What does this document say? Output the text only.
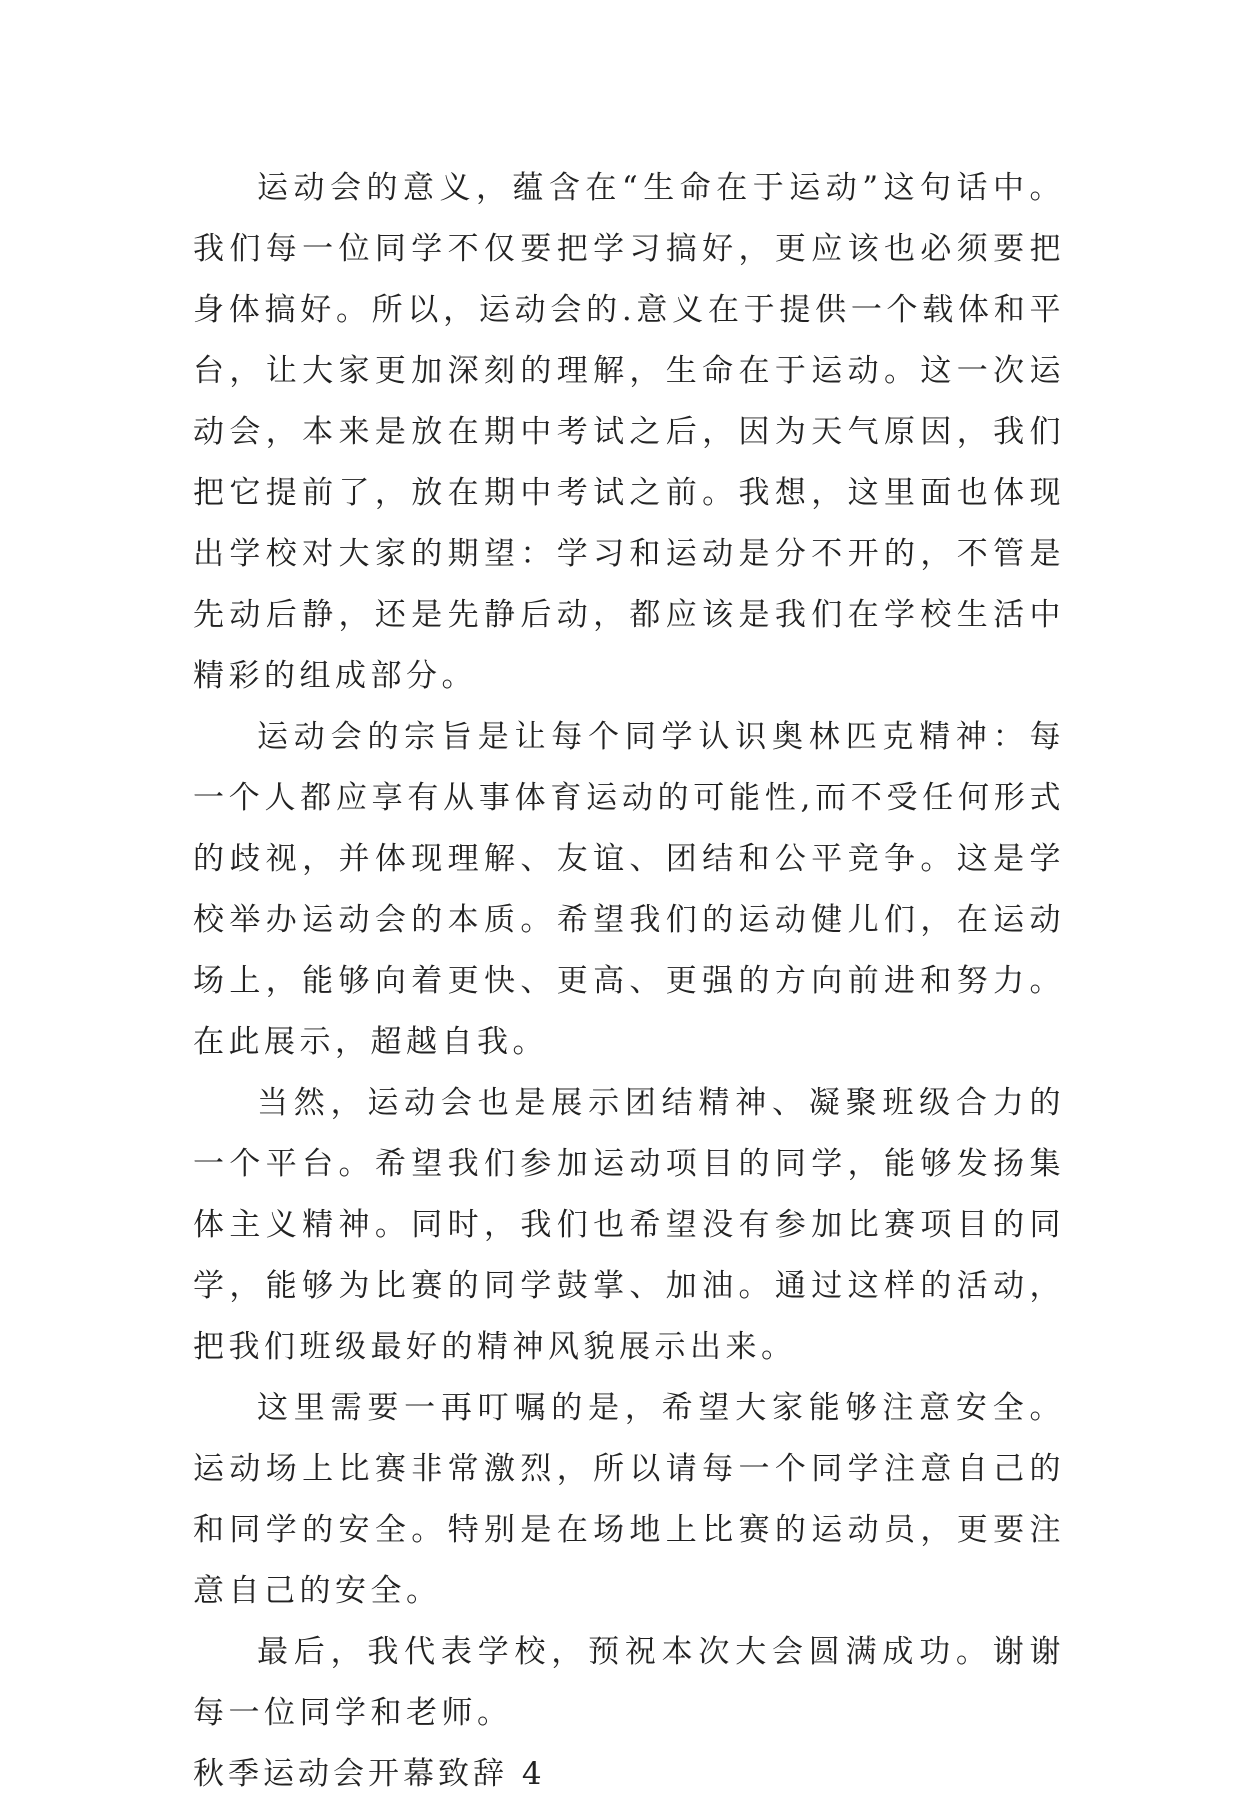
运动会的意义，蕴含在“生命在于运动”这句话中。我们每一位同学不仅要把学习搞好，更应该也必须要把身体搞好。所以，运动会的.意义在于提供一个载体和平台，让大家更加深刻的理解，生命在于运动。这一次运动会，本来是放在期中考试之后，因为天气原因，我们把它提前了，放在期中考试之前。我想，这里面也体现出学校对大家的期望：学习和运动是分不开的，不管是先动后静，还是先静后动，都应该是我们在学校生活中精彩的组成部分。

运动会的宗旨是让每个同学认识奥林匹克精神：每一个人都应享有从事体育运动的可能性,而不受任何形式的歧视，并体现理解、友谊、团结和公平竞争。这是学校举办运动会的本质。希望我们的运动健儿们，在运动场上，能够向着更快、更高、更强的方向前进和努力。在此展示，超越自我。

当然，运动会也是展示团结精神、凝聚班级合力的一个平台。希望我们参加运动项目的同学，能够发扬集体主义精神。同时，我们也希望没有参加比赛项目的同学，能够为比赛的同学鼓掌、加油。通过这样的活动，把我们班级最好的精神风貌展示出来。

这里需要一再叮嘱的是，希望大家能够注意安全。运动场上比赛非常激烈，所以请每一个同学注意自己的和同学的安全。特别是在场地上比赛的运动员，更要注意自己的安全。

最后，我代表学校，预祝本次大会圆满成功。谢谢每一位同学和老师。

秋季运动会开幕致辞 4
